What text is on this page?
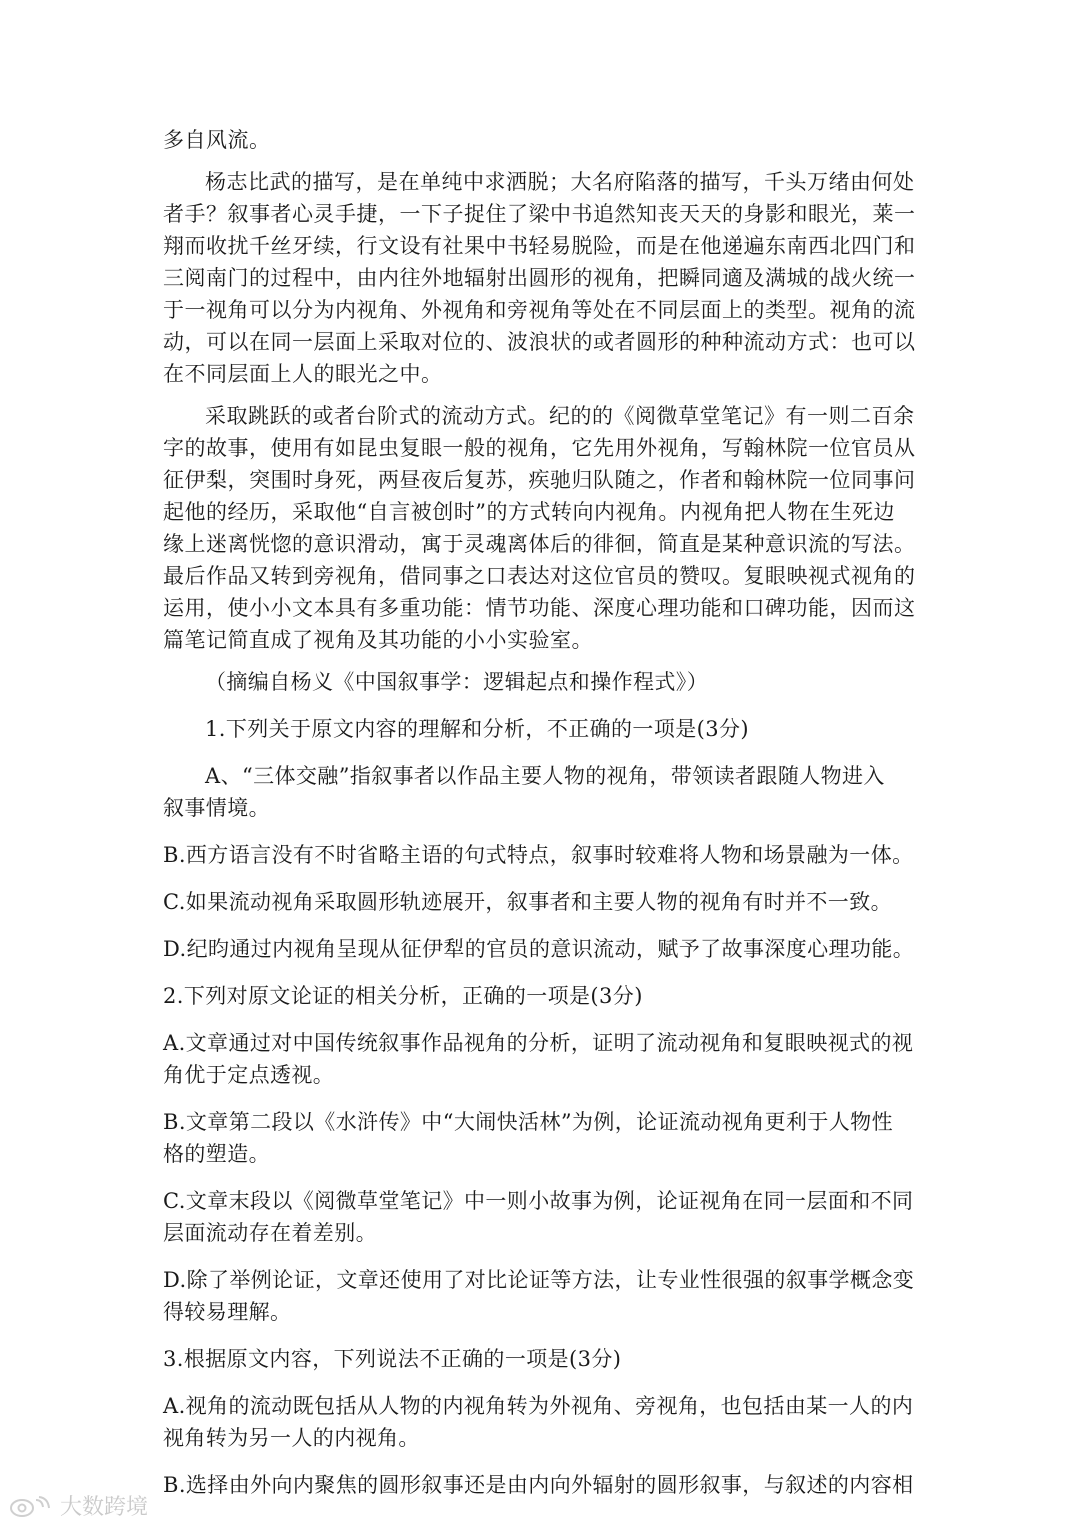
多自风流。
杨志比武的描写，是在单纯中求洒脱；大名府陷落的描写，千头万绪由何处
者手？叙事者心灵手捷，一下子捉住了梁中书追然知丧天天的身影和眼光，莱一
翔而收扰千丝牙续，行文设有社果中书轻易脱险，而是在他递遍东南西北四门和
三阅南门的过程中，由内往外地辐射出圆形的视角，把瞬同適及满城的战火统一
于一视角可以分为内视角、外视角和旁视角等处在不同层面上的类型。视角的流
动，可以在同一层面上采取对位的、波浪状的或者圆形的种种流动方式：也可以
在不同层面上人的眼光之中。
采取跳跃的或者台阶式的流动方式。纪的的《阅微草堂笔记》有一则二百余
字的故事，使用有如昆虫复眼一般的视角，它先用外视角，写翰林院一位官员从
征伊梨，突围时身死，两昼夜后复苏，疾驰归队随之，作者和翰林院一位同事问
起他的经历，采取他“自言被创时”的方式转向内视角。内视角把人物在生死边
缘上迷离恍惚的意识滑动，寓于灵魂离体后的徘徊，简直是某种意识流的写法。
最后作品又转到旁视角，借同事之口表达对这位官员的赞叹。复眼映视式视角的
运用，使小小文本具有多重功能：情节功能、深度心理功能和口碑功能，因而这
篇笔记简直成了视角及其功能的小小实验室。
（摘编自杨义《中国叙事学：逻辑起点和操作程式》）
1.下列关于原文内容的理解和分析，不正确的一项是(3分)
A、“三体交融”指叙事者以作品主要人物的视角，带领读者跟随人物进入
叙事情境。
B.西方语言没有不时省略主语的句式特点，叙事时较难将人物和场景融为一体。
C.如果流动视角采取圆形轨迹展开，叙事者和主要人物的视角有时并不一致。
D.纪昀通过内视角呈现从征伊犁的官员的意识流动，赋予了故事深度心理功能。
2.下列对原文论证的相关分析，正确的一项是(3分)
A.文章通过对中国传统叙事作品视角的分析，证明了流动视角和复眼映视式的视
角优于定点透视。
B.文章第二段以《水浒传》中“大闹快活林”为例，论证流动视角更利于人物性
格的塑造。
C.文章末段以《阅微草堂笔记》中一则小故事为例，论证视角在同一层面和不同
层面流动存在着差别。
D.除了举例论证，文章还使用了对比论证等方法，让专业性很强的叙事学概念变
得较易理解。
3.根据原文内容，下列说法不正确的一项是(3分)
A.视角的流动既包括从人物的内视角转为外视角、旁视角，也包括由某一人的内
视角转为另一人的内视角。
B.选择由外向内聚焦的圆形叙事还是由内向外辐射的圆形叙事，与叙述的内容相
大数跨境
